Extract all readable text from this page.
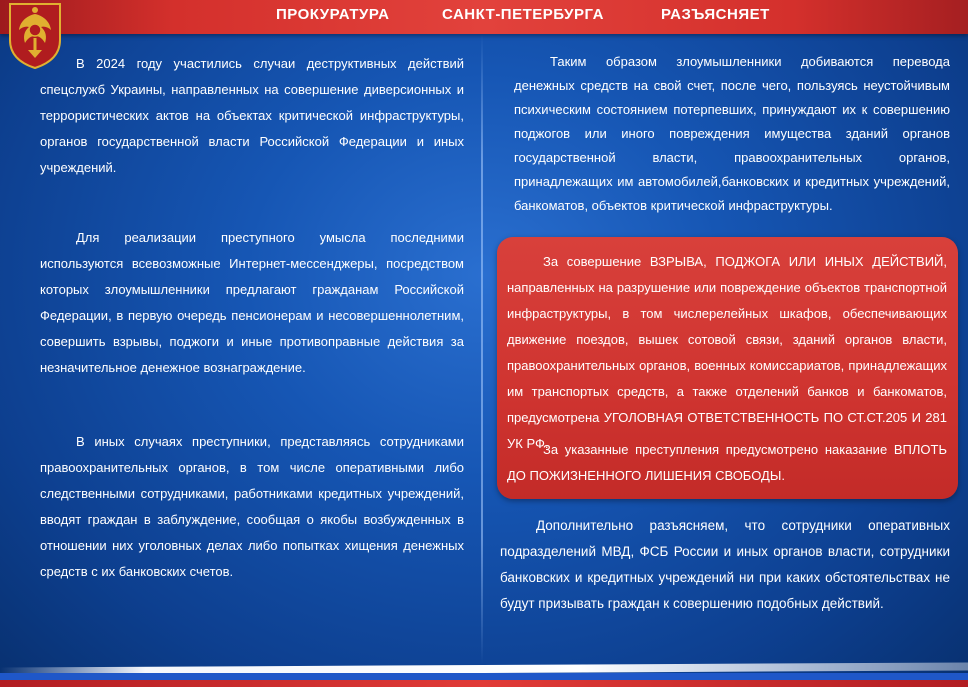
ПРОКУРАТУРА	САНКТ-ПЕТЕРБУРГА	РАЗЪЯСНЯЕТ

В 2024 году участились случаи деструктивных действий спецслужб Украины, направленных на совершение диверсионных и террористических актов на объектах критической инфраструктуры, органов государственной власти Российской Федерации и иных учреждений.

Для реализации преступного умысла последними используются всевозможные Интернет-мессенджеры, посредством которых злоумышленники предлагают гражданам Российской Федерации, в первую очередь пенсионерам и несовершеннолетним, совершить взрывы, поджоги и иные противоправные действия за незначительное денежное вознаграждение.

В иных случаях преступники, представляясь сотрудниками правоохранительных органов, в том числе оперативными либо следственными сотрудниками, работниками кредитных учреждений, вводят граждан в заблуждение, сообщая о якобы возбужденных в отношении них уголовных делах либо попытках хищения денежных средств с их банковских счетов.

Таким образом злоумышленники добиваются перевода денежных средств на свой счет, после чего, пользуясь неустойчивым психическим состоянием потерпевших, принуждают их к совершению поджогов или иного повреждения имущества зданий органов государственной власти, правоохранительных органов, принадлежащих им автомобилей,банковских и кредитных учреждений, банкоматов, объектов критической инфраструктуры.

За совершение ВЗРЫВА, ПОДЖОГА ИЛИ ИНЫХ ДЕЙСТВИЙ, направленных на разрушение или повреждение объектов транспортной инфраструктуры, в том числерелейных шкафов, обеспечивающих движение поездов, вышек сотовой связи, зданий органов власти, правоохранительных органов, военных комиссариатов, принадлежащих им транспортых средств, а также отделений банков и банкоматов, предусмотрена УГОЛОВНАЯ ОТВЕТСТВЕННОСТЬ ПО СТ.СТ.205 И 281 УК РФ.

За указанные преступления предусмотрено наказание ВПЛОТЬ ДО ПОЖИЗНЕННОГО ЛИШЕНИЯ СВОБОДЫ.

Дополнительно разъясняем, что сотрудники оперативных подразделений МВД, ФСБ России и иных органов власти, сотрудники банковских и кредитных учреждений ни при каких обстоятельствах не будут призывать граждан к совершению подобных действий.
